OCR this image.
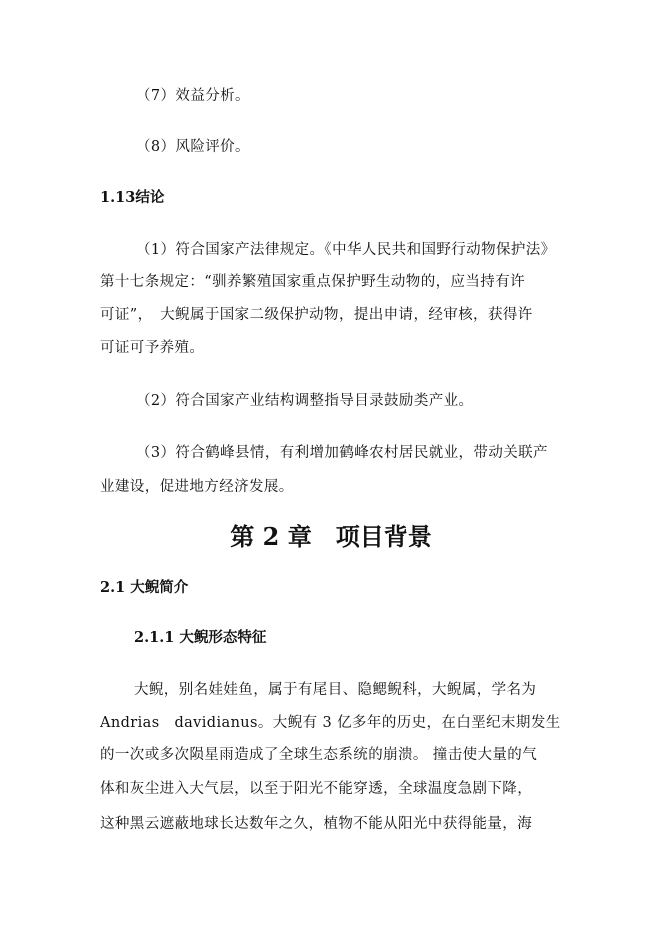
（7）效益分析。
（8）风险评价。
1.13结论
（1）符合国家产法律规定。《中华人民共和国野行动物保护法》
第十七条规定：“驯养繁殖国家重点保护野生动物的，应当持有许
可证”，　大鲵属于国家二级保护动物，提出申请，经审核，获得许
可证可予养殖。
（2）符合国家产业结构调整指导目录鼓励类产业。
（3）符合鹤峰县情，有利增加鹤峰农村居民就业，带动关联产
业建设，促进地方经济发展。
第 2 章　项目背景
2.1 大鲵简介
2.1.1 大鲵形态特征
大鲵，别名娃娃鱼，属于有尾目、隐鳃鲵科，大鲵属，学名为
Andrias　davidianus。大鲵有 3 亿多年的历史，在白垩纪末期发生
的一次或多次陨星雨造成了全球生态系统的崩溃。 撞击使大量的气
体和灰尘进入大气层，以至于阳光不能穿透，全球温度急剧下降，
这种黑云遮蔽地球长达数年之久，植物不能从阳光中获得能量，海
